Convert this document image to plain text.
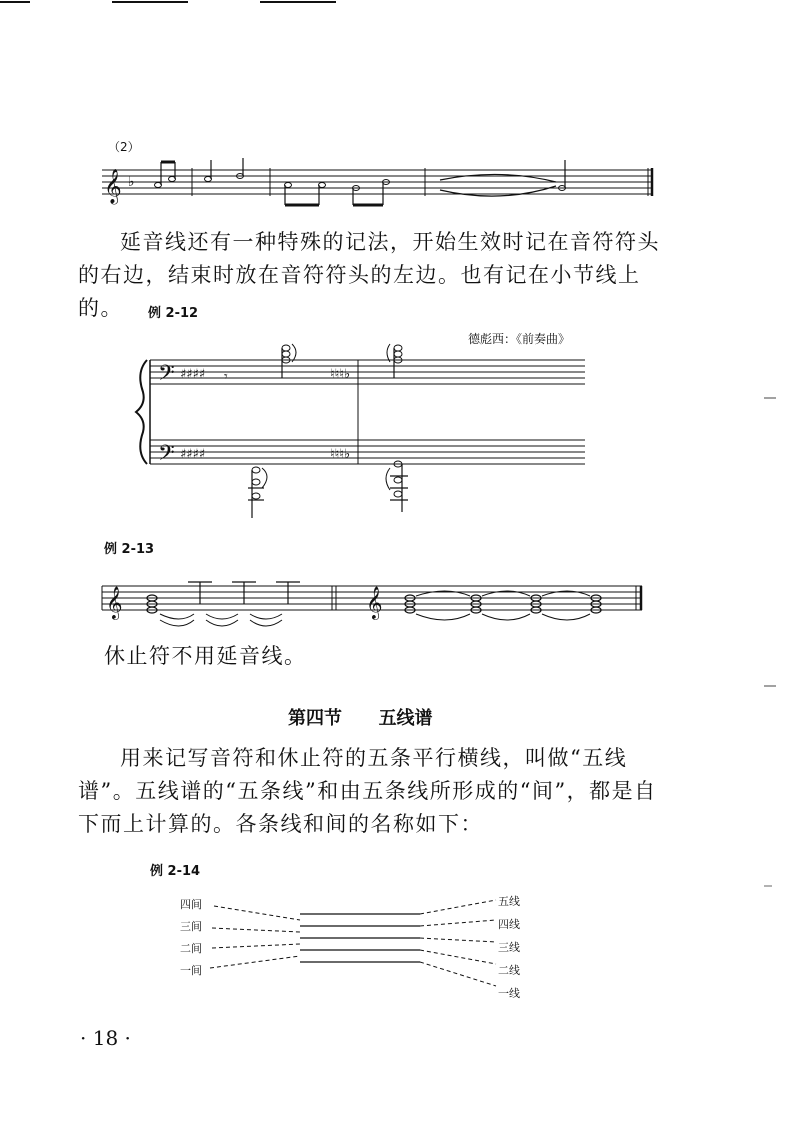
（2）
𝄞 ♭
延音线还有一种特殊的记法，开始生效时记在音符符头的右边，结束时放在音符符头的左边。也有记在小节线上的。	例 2-12
德彪西：《前奏曲》
𝄢
𝄢
♯♯♯♯
♯♯♯♯
𝄾	♮♮♮♭
♮♮♮♭
例 2-13
𝄞	𝄞
休止符不用延音线。
第四节 五线谱
用来记写音符和休止符的五条平行横线，叫做“五线谱”。五线谱的“五条线”和由五条线所形成的“间”，都是自下而上计算的。各条线和间的名称如下：
例 2-14
四间
三间
二间
一间
五线
四线
三线
二线
一线
· 18 ·
